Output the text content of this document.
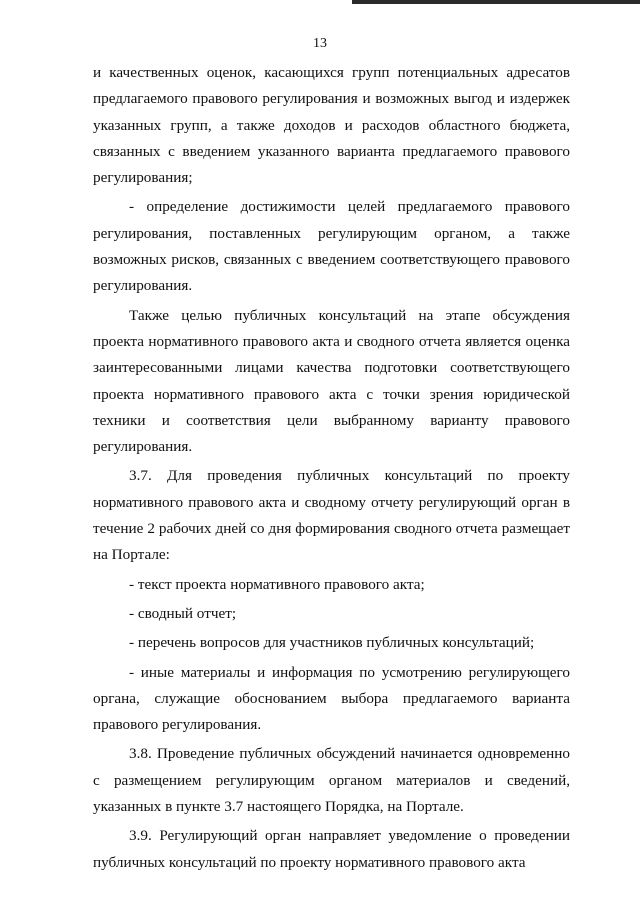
13

и качественных оценок, касающихся групп потенциальных адресатов предлагаемого правового регулирования и возможных выгод и издержек указанных групп, а также доходов и расходов областного бюджета, связанных с введением указанного варианта предлагаемого правового регулирования;

- определение достижимости целей предлагаемого правового регулирования, поставленных регулирующим органом, а также возможных рисков, связанных с введением соответствующего правового регулирования.

Также целью публичных консультаций на этапе обсуждения проекта нормативного правового акта и сводного отчета является оценка заинтересованными лицами качества подготовки соответствующего проекта нормативного правового акта с точки зрения юридической техники и соответствия цели выбранному варианту правового регулирования.

3.7. Для проведения публичных консультаций по проекту нормативного правового акта и сводному отчету регулирующий орган в течение 2 рабочих дней со дня формирования сводного отчета размещает на Портале:

- текст проекта нормативного правового акта;

- сводный отчет;

- перечень вопросов для участников публичных консультаций;

- иные материалы и информация по усмотрению регулирующего органа, служащие обоснованием выбора предлагаемого варианта правового регулирования.

3.8. Проведение публичных обсуждений начинается одновременно с размещением регулирующим органом материалов и сведений, указанных в пункте 3.7 настоящего Порядка, на Портале.

3.9. Регулирующий орган направляет уведомление о проведении публичных консультаций по проекту нормативного правового акта
